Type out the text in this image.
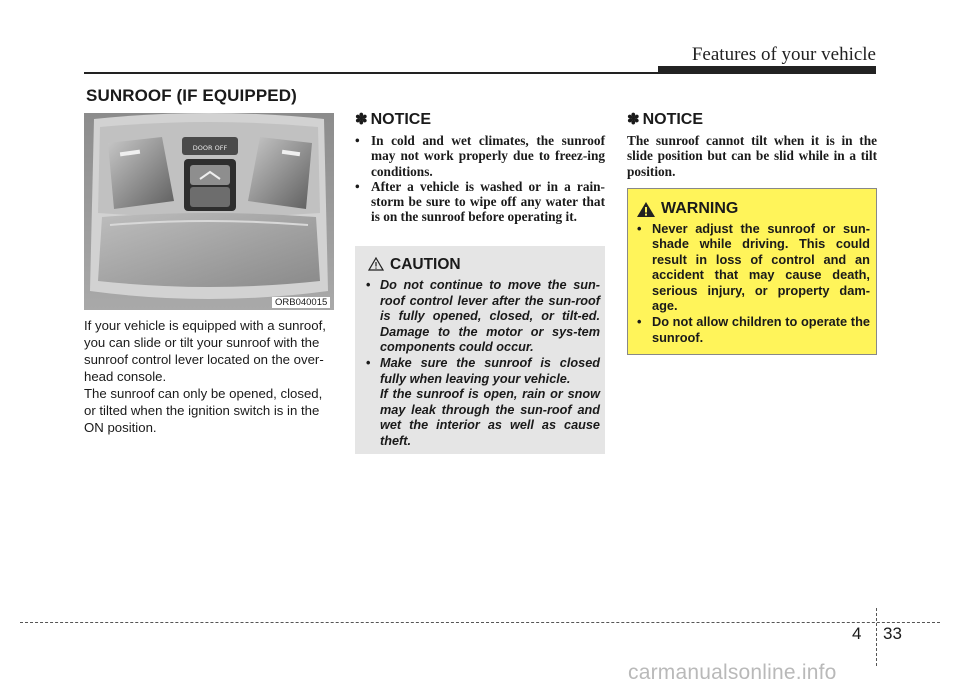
Features of your vehicle
SUNROOF (IF EQUIPPED)
DOOR OFF
ORB040015
If your vehicle is equipped with a sunroof, you can slide or tilt your sunroof with the sunroof control lever located on the over-head console.
The sunroof can only be opened, closed, or tilted when the ignition switch is in the ON position.
✽ NOTICE
• In cold and wet climates, the sunroof may not work properly due to freez-ing conditions.
• After a vehicle is washed or in a rain-storm be sure to wipe off any water that is on the sunroof before operating it.
CAUTION
• Do not continue to move the sun-roof control lever after the sun-roof is fully opened, closed, or tilt-ed. Damage to the motor or sys-tem components could occur.
• Make sure the sunroof is closed fully when leaving your vehicle.
If the sunroof is open, rain or snow may leak through the sun-roof and wet the interior as well as cause theft.
✽ NOTICE
The sunroof cannot tilt when it is in the slide position but can be slid while in a tilt position.
WARNING
• Never adjust the sunroof or sun-shade while driving. This could result in loss of control and an accident that may cause death, serious injury, or property dam-age.
• Do not allow children to operate the sunroof.
4 33
carmanualsonline.info
